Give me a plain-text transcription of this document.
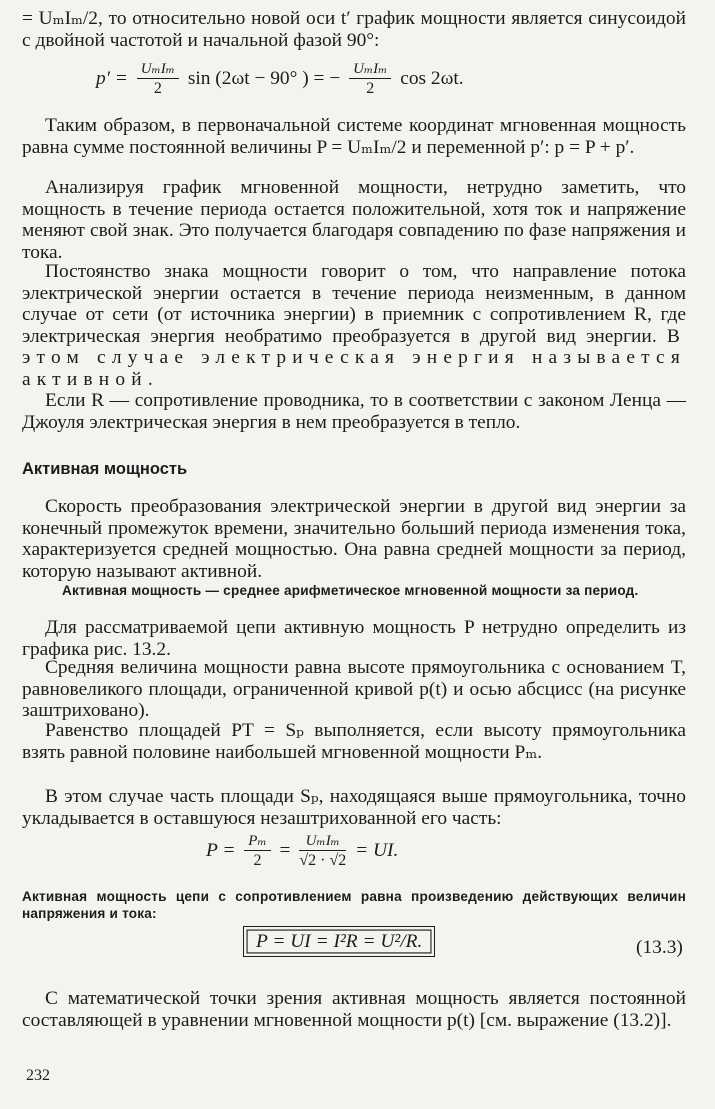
= UₘIₘ/2, то относительно новой оси t′ график мощности является синусоидой с двойной частотой и начальной фазой 90°:

$p' = \frac{\text{UₘIₘ}}{2}$ sin (2ωt − 90° ) = − $\frac{\text{UₘIₘ}}{2}$ cos 2ωt.

Таким образом, в первоначальной системе координат мгновенная мощность равна сумме постоянной величины P = UₘIₘ/2 и переменной p′: p = P + p′.

Анализируя график мгновенной мощности, нетрудно заметить, что мощность в течение периода остается положительной, хотя ток и напряжение меняют свой знак. Это получается благодаря совпадению по фазе напряжения и тока.

Постоянство знака мощности говорит о том, что направление потока электрической энергии остается в течение периода неизменным, в данном случае от сети (от источника энергии) в приемник с сопротивлением R, где электрическая энергия необратимо преобразуется в другой вид энергии. В этом случае электрическая энергия называется активной.

Если R — сопротивление проводника, то в соответствии с законом Ленца — Джоуля электрическая энергия в нем преобразуется в тепло.

Активная мощность

Скорость преобразования электрической энергии в другой вид энергии за конечный промежуток времени, значительно больший периода изменения тока, характеризуется средней мощностью. Она равна средней мощности за период, которую называют активной.

Активная мощность — среднее арифметическое мгновенной мощности за период.

Для рассматриваемой цепи активную мощность P нетрудно определить из графика рис. 13.2.

Средняя величина мощности равна высоте прямоугольника с основанием T, равновеликого площади, ограниченной кривой p(t) и осью абсцисс (на рисунке заштриховано).

Равенство площадей PT = Sₚ выполняется, если высоту прямоугольника взять равной половине наибольшей мгновенной мощности Pₘ.

В этом случае часть площади Sₚ, находящаяся выше прямоугольника, точно укладывается в оставшуюся незаштрихованной его часть:

$P = \frac{\text{Pₘ}}{2} = \frac{\text{UₘIₘ}}{√2 \cdot √2}$ = UI.

Активная мощность цепи с сопротивлением равна произведению действующих величин напряжения и тока:

P = UI = I²R = U²/R.	(13.3)

С математической точки зрения активная мощность является постоянной составляющей в уравнении мгновенной мощности p(t) [см. выражение (13.2)].

232
